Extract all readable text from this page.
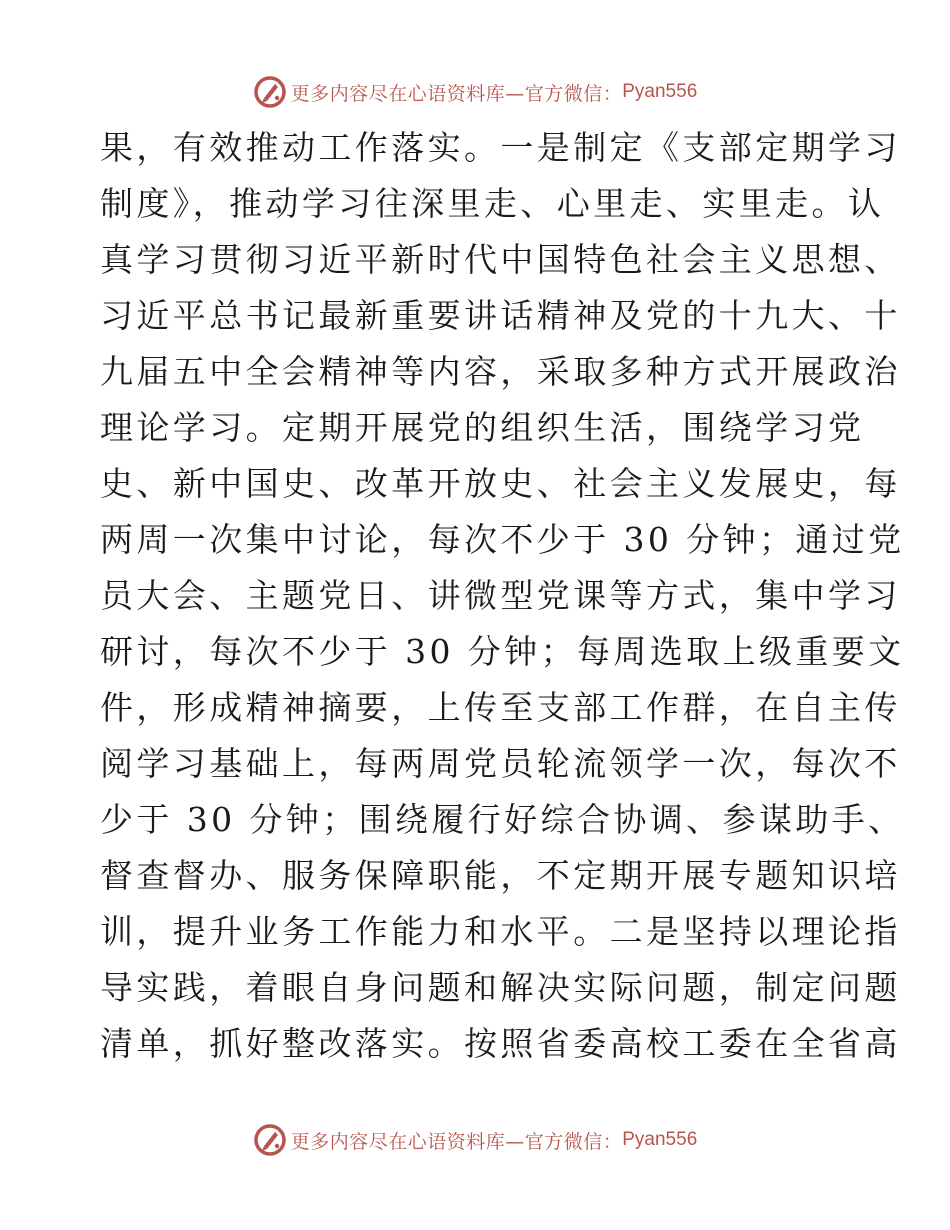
更多内容尽在心语资料库—官方微信： Pyan556
果，有效推动工作落实。一是制定《支部定期学习
制度》，推动学习往深里走、心里走、实里走。认
真学习贯彻习近平新时代中国特色社会主义思想、
习近平总书记最新重要讲话精神及党的十九大、十
九届五中全会精神等内容，采取多种方式开展政治
理论学习。定期开展党的组织生活，围绕学习党
史、新中国史、改革开放史、社会主义发展史，每
两周一次集中讨论，每次不少于 30 分钟；通过党
员大会、主题党日、讲微型党课等方式，集中学习
研讨，每次不少于 30 分钟；每周选取上级重要文
件，形成精神摘要，上传至支部工作群，在自主传
阅学习基础上，每两周党员轮流领学一次，每次不
少于 30 分钟；围绕履行好综合协调、参谋助手、
督查督办、服务保障职能，不定期开展专题知识培
训，提升业务工作能力和水平。二是坚持以理论指
导实践，着眼自身问题和解决实际问题，制定问题
清单，抓好整改落实。按照省委高校工委在全省高
更多内容尽在心语资料库—官方微信： Pyan556
